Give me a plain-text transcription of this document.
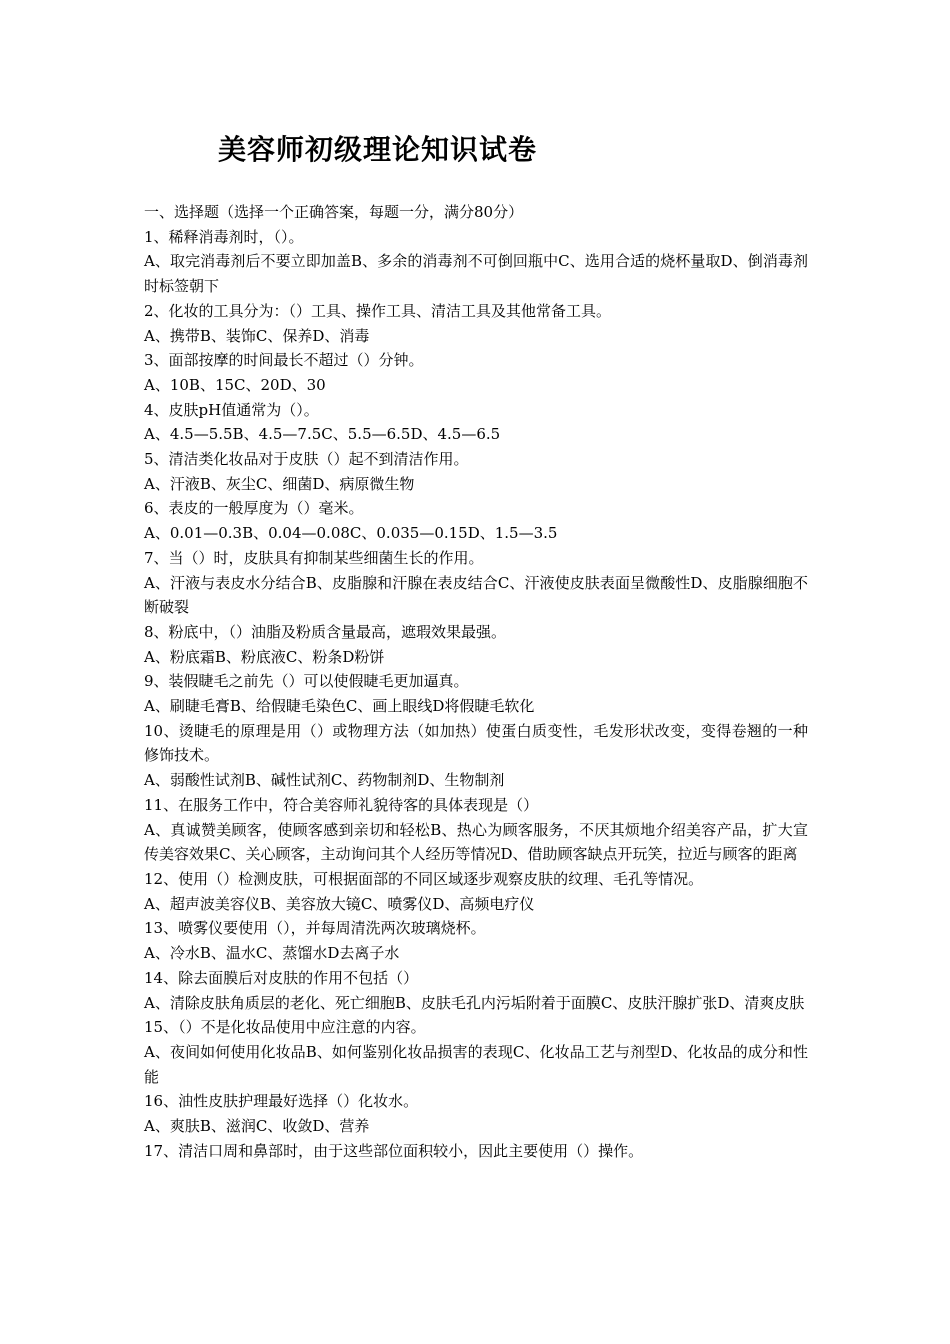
美容师初级理论知识试卷
一、选择题（选择一个正确答案，每题一分，满分80分）
1、稀释消毒剂时，（）。
A、取完消毒剂后不要立即加盖B、多余的消毒剂不可倒回瓶中C、选用合适的烧杯量取D、倒消毒剂时标签朝下
2、化妆的工具分为：（）工具、操作工具、清洁工具及其他常备工具。
A、携带B、装饰C、保养D、消毒
3、面部按摩的时间最长不超过（）分钟。
A、10B、15C、20D、30
4、皮肤pH值通常为（）。
A、4.5—5.5B、4.5—7.5C、5.5—6.5D、4.5—6.5
5、清洁类化妆品对于皮肤（）起不到清洁作用。
A、汗液B、灰尘C、细菌D、病原微生物
6、表皮的一般厚度为（）毫米。
A、0.01—0.3B、0.04—0.08C、0.035—0.15D、1.5—3.5
7、当（）时，皮肤具有抑制某些细菌生长的作用。
A、汗液与表皮水分结合B、皮脂腺和汗腺在表皮结合C、汗液使皮肤表面呈微酸性D、皮脂腺细胞不断破裂
8、粉底中，（）油脂及粉质含量最高，遮瑕效果最强。
A、粉底霜B、粉底液C、粉条D粉饼
9、装假睫毛之前先（）可以使假睫毛更加逼真。
A、刷睫毛膏B、给假睫毛染色C、画上眼线D将假睫毛软化
10、烫睫毛的原理是用（）或物理方法（如加热）使蛋白质变性，毛发形状改变，变得卷翘的一种修饰技术。
A、弱酸性试剂B、碱性试剂C、药物制剂D、生物制剂
11、在服务工作中，符合美容师礼貌待客的具体表现是（）
A、真诚赞美顾客，使顾客感到亲切和轻松B、热心为顾客服务，不厌其烦地介绍美容产品，扩大宣传美容效果C、关心顾客，主动询问其个人经历等情况D、借助顾客缺点开玩笑，拉近与顾客的距离
12、使用（）检测皮肤，可根据面部的不同区域逐步观察皮肤的纹理、毛孔等情况。
A、超声波美容仪B、美容放大镜C、喷雾仪D、高频电疗仪
13、喷雾仪要使用（），并每周清洗两次玻璃烧杯。
A、冷水B、温水C、蒸馏水D去离子水
14、除去面膜后对皮肤的作用不包括（）
A、清除皮肤角质层的老化、死亡细胞B、皮肤毛孔内污垢附着于面膜C、皮肤汗腺扩张D、清爽皮肤
15、（）不是化妆品使用中应注意的内容。
A、夜间如何使用化妆品B、如何鉴别化妆品损害的表现C、化妆品工艺与剂型D、化妆品的成分和性能
16、油性皮肤护理最好选择（）化妆水。
A、爽肤B、滋润C、收敛D、营养
17、清洁口周和鼻部时，由于这些部位面积较小，因此主要使用（）操作。
